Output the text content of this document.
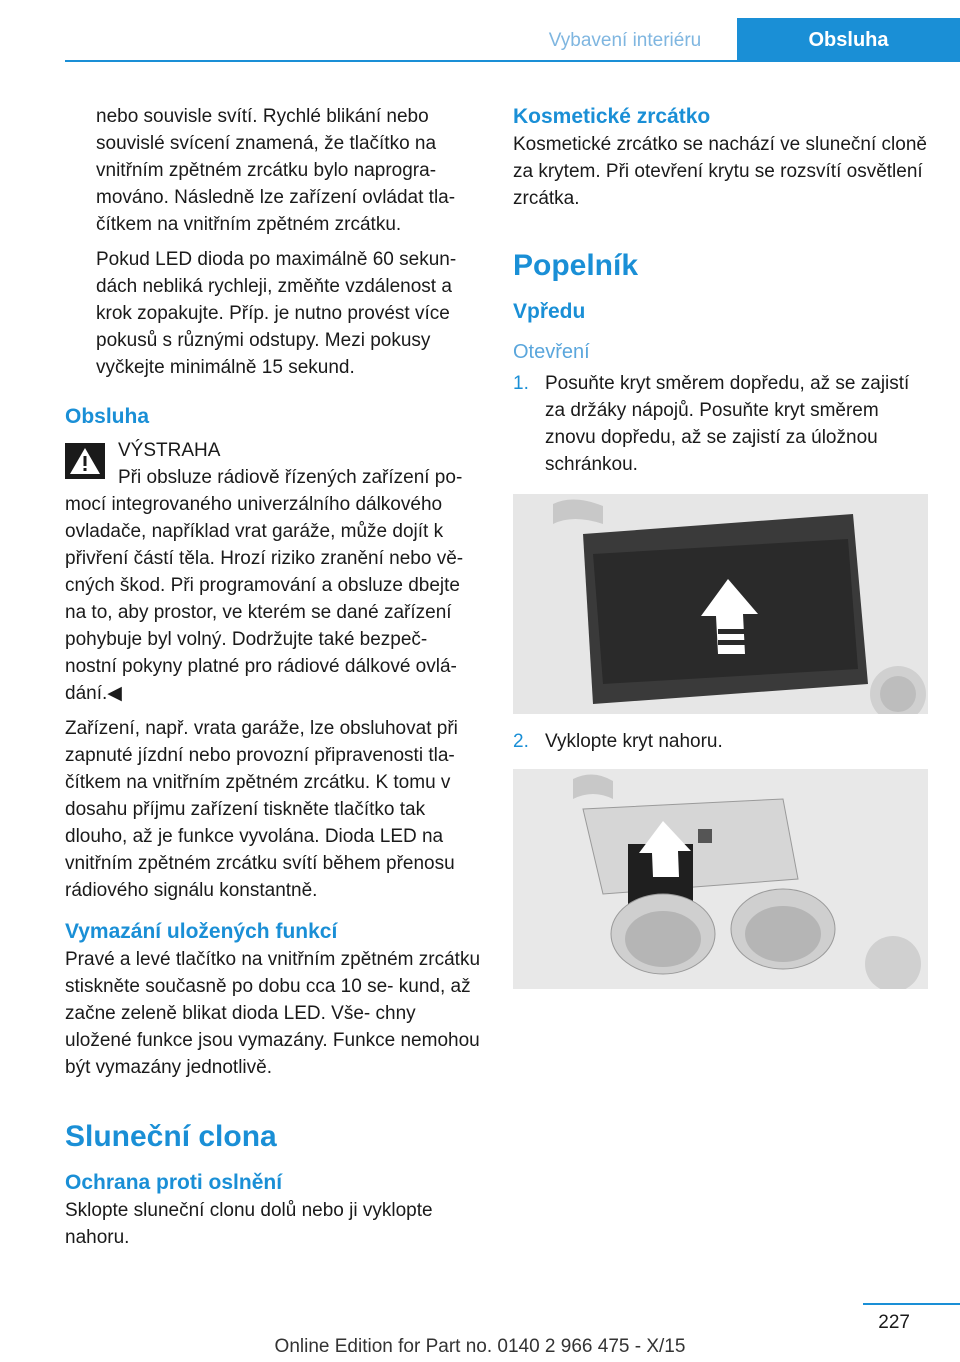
Vybavení interiéru	Obsluha

nebo souvisle svítí. Rychlé blikání nebo souvislé svícení znamená, že tlačítko na vnitřním zpětném zrcátku bylo naprogra- mováno. Následně lze zařízení ovládat tla- čítkem na vnitřním zpětném zrcátku.

Pokud LED dioda po maximálně 60 sekun- dách nebliká rychleji, změňte vzdálenost a krok zopakujte. Příp. je nutno provést více pokusů s různými odstupy. Mezi pokusy vyčkejte minimálně 15 sekund.

Obsluha
VÝSTRAHA
Při obsluze rádiově řízených zařízení po-

mocí integrovaného univerzálního dálkového ovladače, například vrat garáže, může dojít k přivření částí těla. Hrozí riziko zranění nebo vě- cných škod. Při programování a obsluze dbejte na to, aby prostor, ve kterém se dané zařízení pohybuje byl volný. Dodržujte také bezpeč- nostní pokyny platné pro rádiové dálkové ovlá- dání.◀

Zařízení, např. vrata garáže, lze obsluhovat při zapnuté jízdní nebo provozní připravenosti tla- čítkem na vnitřním zpětném zrcátku. K tomu v dosahu příjmu zařízení tiskněte tlačítko tak dlouho, až je funkce vyvolána. Dioda LED na vnitřním zpětném zrcátku svítí během přenosu rádiového signálu konstantně.

Vymazání uložených funkcí

Pravé a levé tlačítko na vnitřním zpětném zrcátku stiskněte současně po dobu cca 10 se- kund, až začne zeleně blikat dioda LED. Vše- chny uložené funkce jsou vymazány. Funkce nemohou být vymazány jednotlivě.

Sluneční clona
Ochrana proti oslnění

Sklopte sluneční clonu dolů nebo ji vyklopte nahoru.

Kosmetické zrcátko

Kosmetické zrcátko se nachází ve sluneční cloně za krytem. Při otevření krytu se rozsvítí osvětlení zrcátka.

Popelník
Vpředu
Otevření
1. Posuňte kryt směrem dopředu, až se zajistí za držáky nápojů. Posuňte kryt směrem znovu dopředu, až se zajistí za úložnou schránkou.
2. Vyklopte kryt nahoru.
227
Online Edition for Part no. 0140 2 966 475 - X/15
